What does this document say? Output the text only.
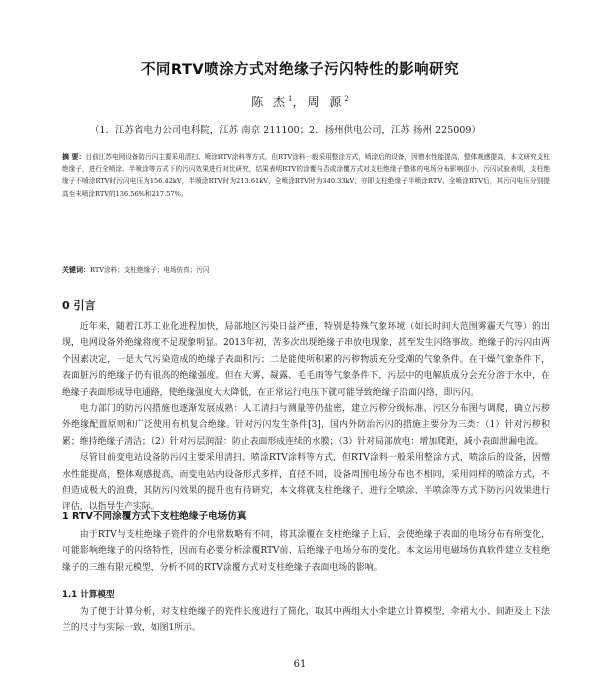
不同RTV喷涂方式对绝缘子污闪特性的影响研究
陈 杰$^1$，周 源$^2$
（1．江苏省电力公司电科院，江苏 南京 211100；2．扬州供电公司，江苏 扬州 225009）
摘 要：目前江苏电网设备防污闪主要采用清扫、喷涂RTV涂料等方式，但RTV涂料一般采用整涂方式，喷涂后的设备，因憎水性能提高，整体观感提高，本文研究支柱绝缘子，进行全喷涂、半喷涂等方式下的污闪效果进行对比研究，结果表明RTV的涂覆与否或涂覆方式对支柱绝缘子整体的电场分布影响很小，污闪试验表明，支柱绝缘子不喷涂RTV时污闪电压为156.42kV，半喷涂RTV时为213.61kV，全喷涂RTV时为340.33kV；亦即支柱绝缘子半喷涂RTV、全喷涂RTV后，其污闪电压分别提高至未喷涂RTV的136.56%和217.57%。
关键词：RTV涂料；支柱绝缘子；电场仿真；污闪
0 引言

近年来，随着江苏工业化进程加快，局部地区污染日益严重，特别是特殊气象环境（如长时间大范围雾霾天气等）的出现，电网设备外绝缘将度不足现象明显。2013年初，苦多次出现绝缘子串放电现象，甚至发生闪络事故。绝缘子的污闪由两个因素决定，一是大气污染造成的绝缘子表面积污；二是能使所积累的污秽物质充分受潮的气象条件。在干燥气象条件下，表面脏污的绝缘子仍有很高的绝缘强度。但在大雾、凝露、毛毛雨等气象条件下，污层中的电解质成分会充分溶于水中，在绝缘子表面形成导电通路，使绝缘强度大大降低，在正常运行电压下就可能导致绝缘子沿面闪络，即污闪。

电力部门的防污闪措施也逐渐发展成熟：人工清扫与测量等仍盐密，建立污秽分级标准、污区分布图与调爬，确立污秽外绝缘配置原则和广泛使用有机复合绝缘。针对污闪发生条件[3]，国内外防治污闪的措施主要分为三类：（1）针对污秽积累；维持绝缘子清洁；（2）针对污层润湿：防止表面形成连续的水膜；（3）针对局部放电：增加爬距，减小表面泄漏电流。

尽管目前变电站设备防污闪主要采用清扫、喷涂RTV涂料等方式，但RTV涂料一般采用整涂方式，喷涂后的设备，因憎水性能提高，整体观感提高，而变电站内设备形式多样，直径不同，设备周围电场分布也不相同，采用同样的喷涂方式，不但造成极大的浪费，其防污闪效果的提升也有待研究，本文将就支柱绝缘子，进行全喷涂、半喷涂等方式下防污闪效果进行评估，以指导生产实际。

1 RTV不同涂覆方式下支柱绝缘子电场仿真

由于RTV与支柱绝缘子瓷件的介电常数略有不同，将其涂覆在支柱绝缘子上后，会使绝缘子表面的电场分布有所变化，可能影响绝缘子的闪络特性，因而有必要分析涂覆RTV前、后绝缘子电场分布的变化。本文运用电磁场仿真软件建立支柱绝缘子的三维有限元模型，分析不同的RTV涂覆方式对支柱绝缘子表面电场的影响。

1.1 计算模型

为了便于计算分析，对支柱绝缘子的瓷件长度进行了简化，取其中两组大小伞建立计算模型，伞裙大小、间距及上下法兰的尺寸与实际一致，如图1所示。

61
